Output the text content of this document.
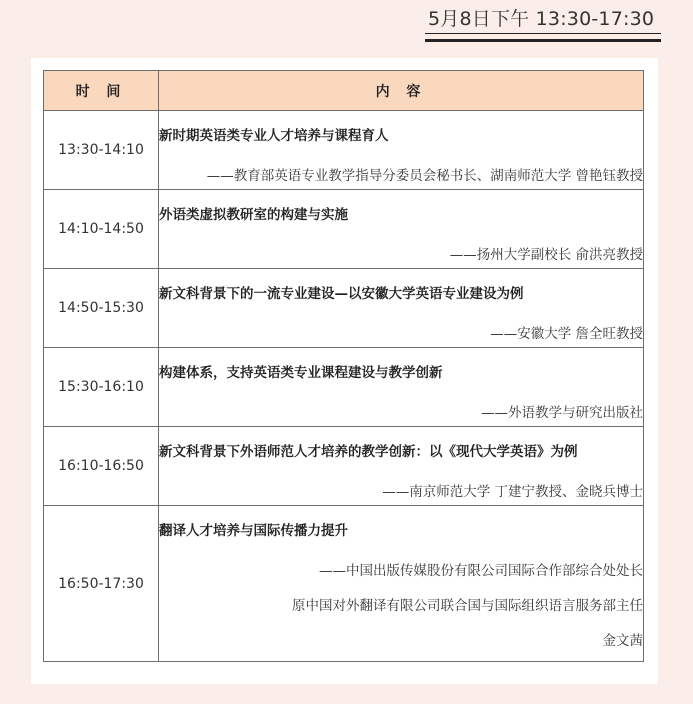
5月8日下午 13:30-17:30
时 间	内 容
13:30-14:10	新时期英语类专业人才培养与课程育人
——教育部英语专业教学指导分委员会秘书长、湖南师范大学 曾艳钰教授

14:10-14:50	外语类虚拟教研室的构建与实施
——扬州大学副校长 俞洪亮教授

14:50-15:30	新文科背景下的一流专业建设—以安徽大学英语专业建设为例
——安徽大学 詹全旺教授

15:30-16:10	构建体系，支持英语类专业课程建设与教学创新
——外语教学与研究出版社

16:10-16:50	新文科背景下外语师范人才培养的教学创新：以《现代大学英语》为例
——南京师范大学 丁建宁教授、金晓兵博士

16:50-17:30	翻译人才培养与国际传播力提升
——中国出版传媒股份有限公司国际合作部综合处处长
原中国对外翻译有限公司联合国与国际组织语言服务部主任
金文茜
